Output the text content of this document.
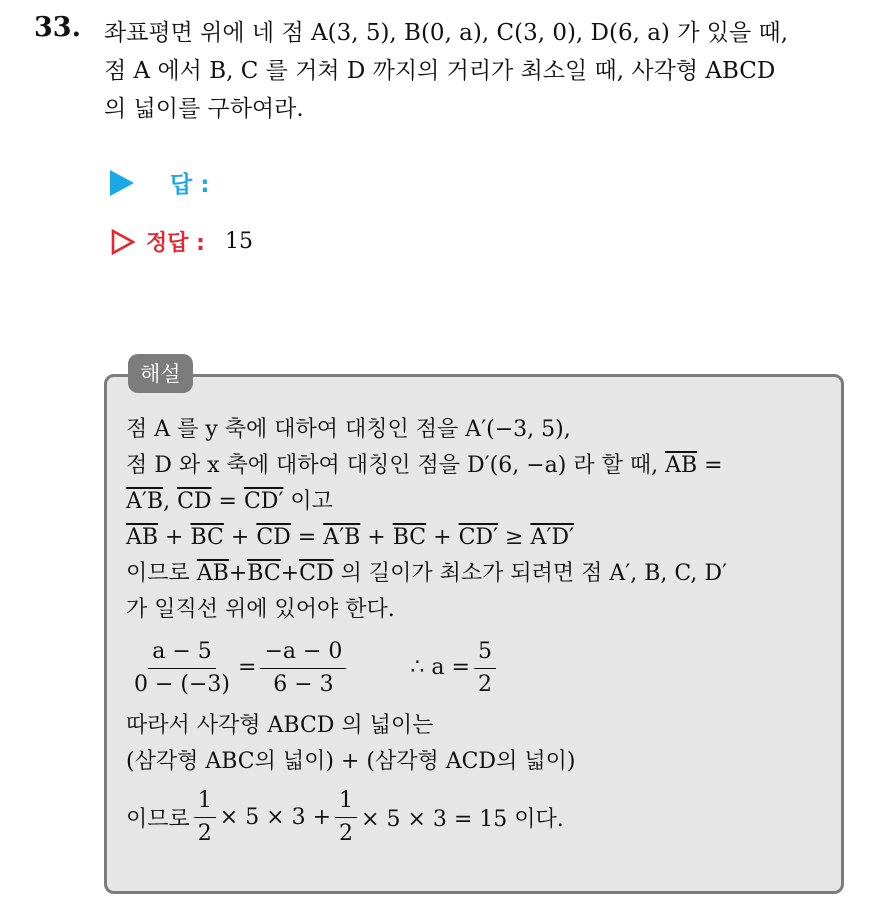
33. 좌표평면 위에 네 점 A(3, 5), B(0, a), C(3, 0), D(6, a) 가 있을 때,
점 A 에서 B, C 를 거쳐 D 까지의 거리가 최소일 때, 사각형 ABCD
의 넓이를 구하여라.
답 :
정답 : 15
해설
점 A 를 y 축에 대하여 대칭인 점을 A′(−3, 5),
점 D 와 x 축에 대하여 대칭인 점을 D′(6, −a) 라 할 때, $\overline{AB}$ =
A′B, $\overline{CD} = CD'$ 이고
$\overline{AB} + \overline{BC} + \overline{CD} = A'B + \overline{BC} + CD' \ge A'D'$
이므로 $\overline{AB}+\overline{BC}+\overline{CD}$ 의 길이가 최소가 되려면 점 A′, B, C, D′
가 일직선 위에 있어야 한다.
$\frac{a - 5}{0 - (-3)} = \frac{-a - 0}{6 - 3}$	∴ $a = \frac{5}{2}$
따라서 사각형 ABCD 의 넓이는
(삼각형 ABC의 넓이) + (삼각형 ACD의 넓이)
이므로 $\frac{1}{2} \times 5 \times 3 + \frac{1}{2} \times 5 \times 3 = 15$ 이다.
